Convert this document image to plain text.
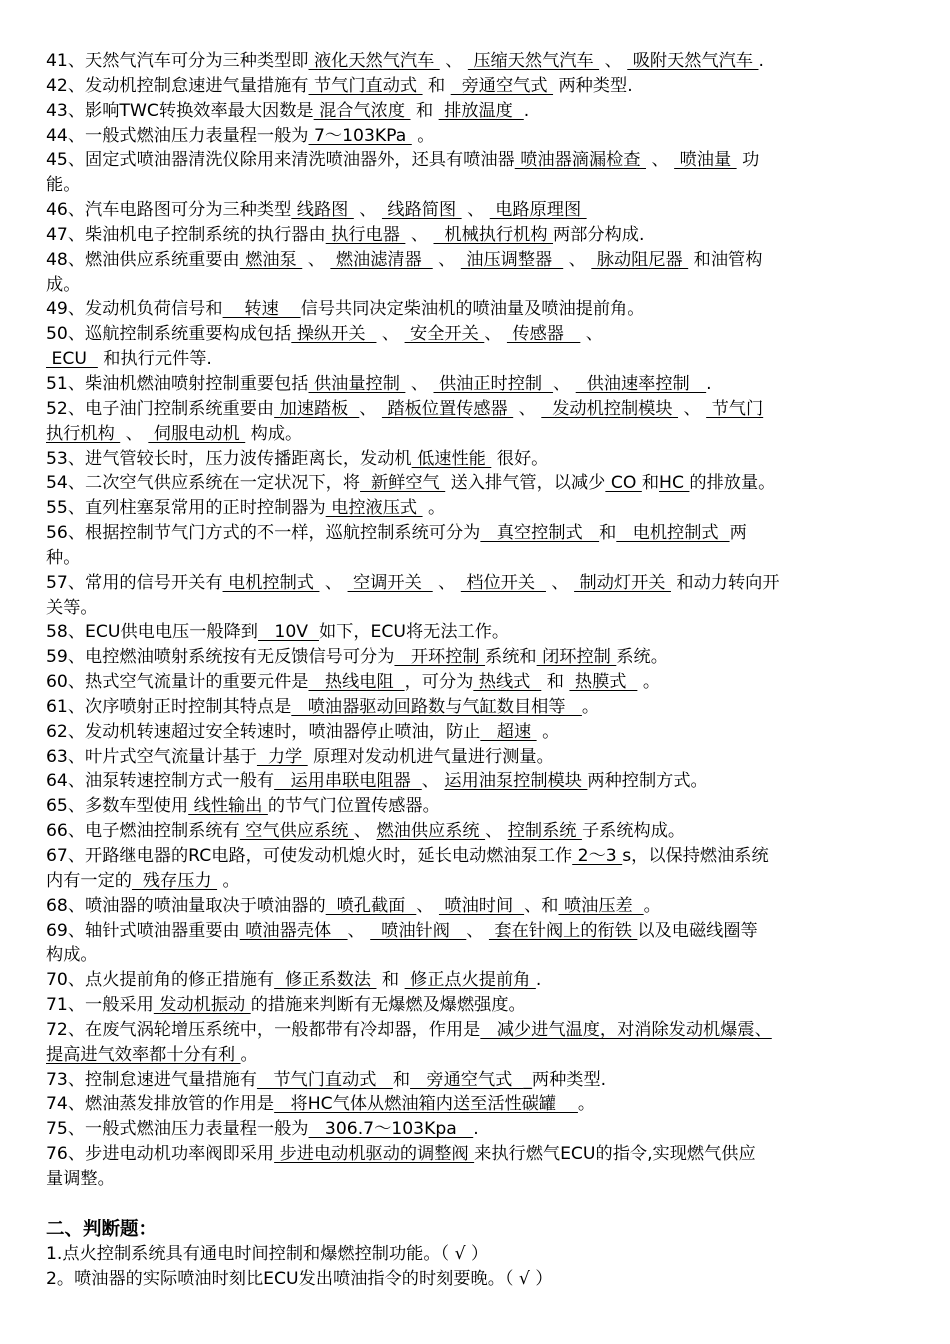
41、天然气汽车可分为三种类型即 液化天然气汽车  、  压缩天然气汽车  、  吸附天然气汽车 .
42、发动机控制怠速进气量措施有 节气门直动式  和   旁通空气式  两种类型.
43、影响TWC转换效率最大因数是 混合气浓度  和  排放温度  .
44、一般式燃油压力表量程一般为 7～103KPa  。
45、固定式喷油器清洗仪除用来清洗喷油器外，还具有喷油器 喷油器滴漏检查  、  喷油量  功
能。
46、汽车电路图可分为三种类型 线路图  、  线路简图  、  电路原理图
47、柴油机电子控制系统的执行器由 执行电器  、   机械执行机构 两部分构成.
48、燃油供应系统重要由 燃油泵  、  燃油滤清器   、  油压调整器   、  脉动阻尼器  和油管构
成。
49、发动机负荷信号和    转速    信号共同决定柴油机的喷油量及喷油提前角。
50、巡航控制系统重要构成包括 操纵开关   、  安全开关 、  传感器    、
ECU   和执行元件等.
51、柴油机燃油喷射控制重要包括 供油量控制  、  供油正时控制  、   供油速率控制   .
52、电子油门控制系统重要由 加速踏板  、  踏板位置传感器  、   发动机控制模块  、  节气门
执行机构  、  伺服电动机  构成。
53、进气管较长时，压力波传播距离长，发动机 低速性能  很好。
54、二次空气供应系统在一定状况下，将  新鲜空气  送入排气管，以减少 CO 和HC 的排放量。
55、直列柱塞泵常用的正时控制器为 电控液压式  。
56、根据控制节气门方式的不一样，巡航控制系统可分为   真空控制式   和   电机控制式  两
种。
57、常用的信号开关有 电机控制式  、  空调开关   、  档位开关   、  制动灯开关  和动力转向开
关等。
58、ECU供电电压一般降到   10V  如下，ECU将无法工作。
59、电控燃油喷射系统按有无反馈信号可分为   开环控制 系统和 闭环控制 系统。
60、热式空气流量计的重要元件是   热线电阻  ，可分为 热线式   和  热膜式   。
61、次序喷射正时控制其特点是   喷油器驱动回路数与气缸数目相等   。
62、发动机转速超过安全转速时，喷油器停止喷油，防止   超速  。
63、叶片式空气流量计基于  力学  原理对发动机进气量进行测量。
64、油泵转速控制方式一般有   运用串联电阻器  、 运用油泵控制模块 两种控制方式。
65、多数车型使用 线性输出 的节气门位置传感器。
66、电子燃油控制系统有 空气供应系统 、 燃油供应系统 、 控制系统 子系统构成。
67、开路继电器的RC电路，可使发动机熄火时，延长电动燃油泵工作 2～3 s，以保持燃油系统
内有一定的  残存压力  。
68、喷油器的喷油量取决于喷油器的  喷孔截面  、  喷油时间  、和 喷油压差  。
69、轴针式喷油器重要由 喷油器壳体   、   喷油针阀   、  套在针阀上的衔铁 以及电磁线圈等
构成。
70、点火提前角的修正措施有  修正系数法  和  修正点火提前角 .
71、一般采用 发动机振动 的措施来判断有无爆燃及爆燃强度。
72、在废气涡轮增压系统中，一般都带有冷却器，作用是   减少进气温度，对消除发动机爆震、
提高进气效率都十分有利 。
73、控制怠速进气量措施有   节气门直动式   和   旁通空气式  _两种类型.
74、燃油蒸发排放管的作用是   将HC气体从燃油箱内送至活性碳罐    。
75、一般式燃油压力表量程一般为   306.7～103Kpa   .
76、步进电动机功率阀即采用 步进电动机驱动的调整阀 来执行燃气ECU的指令,实现燃气供应
量调整。
二、判断题：
1.点火控制系统具有通电时间控制和爆燃控制功能。（ √ ）
2。喷油器的实际喷油时刻比ECU发出喷油指令的时刻要晚。（ √ ）
